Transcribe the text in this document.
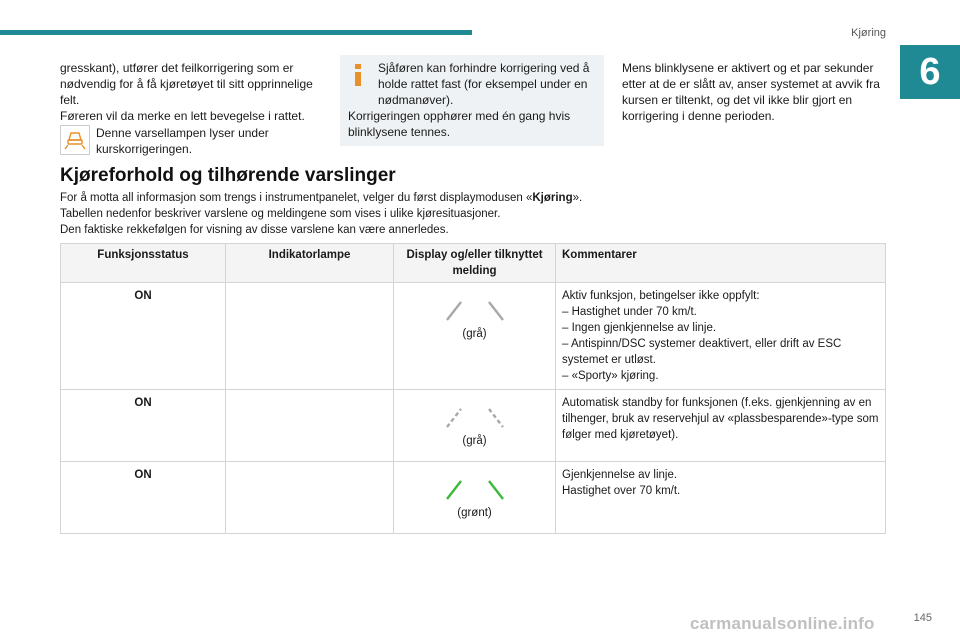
Kjøring
6

gresskant), utfører det feilkorrigering som er nødvendig for å få kjøretøyet til sitt opprinnelige felt.

Føreren vil da merke en lett bevegelse i rattet.

Denne varsellampen lyser under kurskorrigeringen.

Sjåføren kan forhindre korrigering ved å holde rattet fast (for eksempel under en nødmanøver).

Korrigeringen opphører med én gang hvis blinklysene tennes.

Mens blinklysene er aktivert og et par sekunder etter at de er slått av, anser systemet at avvik fra kursen er tiltenkt, og det vil ikke blir gjort en korrigering i denne perioden.

Kjøreforhold og tilhørende varslinger
For å motta all informasjon som trengs i instrumentpanelet, velger du først displaymodusen «Kjøring».
Tabellen nedenfor beskriver varslene og meldingene som vises i ulike kjøresituasjoner.
Den faktiske rekkefølgen for visning av disse varslene kan være annerledes.
Funksjonsstatus	Indikatorlampe	Display og/eller tilknyttet melding	Kommentarer
ON		(grå)	Aktiv funksjon, betingelser ikke oppfylt:
– Hastighet under 70 km/t.
– Ingen gjenkjennelse av linje.
– Antispinn/DSC systemer deaktivert, eller drift av ESC systemet er utløst.
– «Sporty» kjøring.

ON		(grå)	Automatisk standby for funksjonen (f.eks. gjenkjenning av en tilhenger, bruk av reservehjul av «plassbesparende»-type som følger med kjøretøyet).

ON		(grønt)	Gjenkjennelse av linje.
Hastighet over 70 km/t.
145
carmanualsonline.info
